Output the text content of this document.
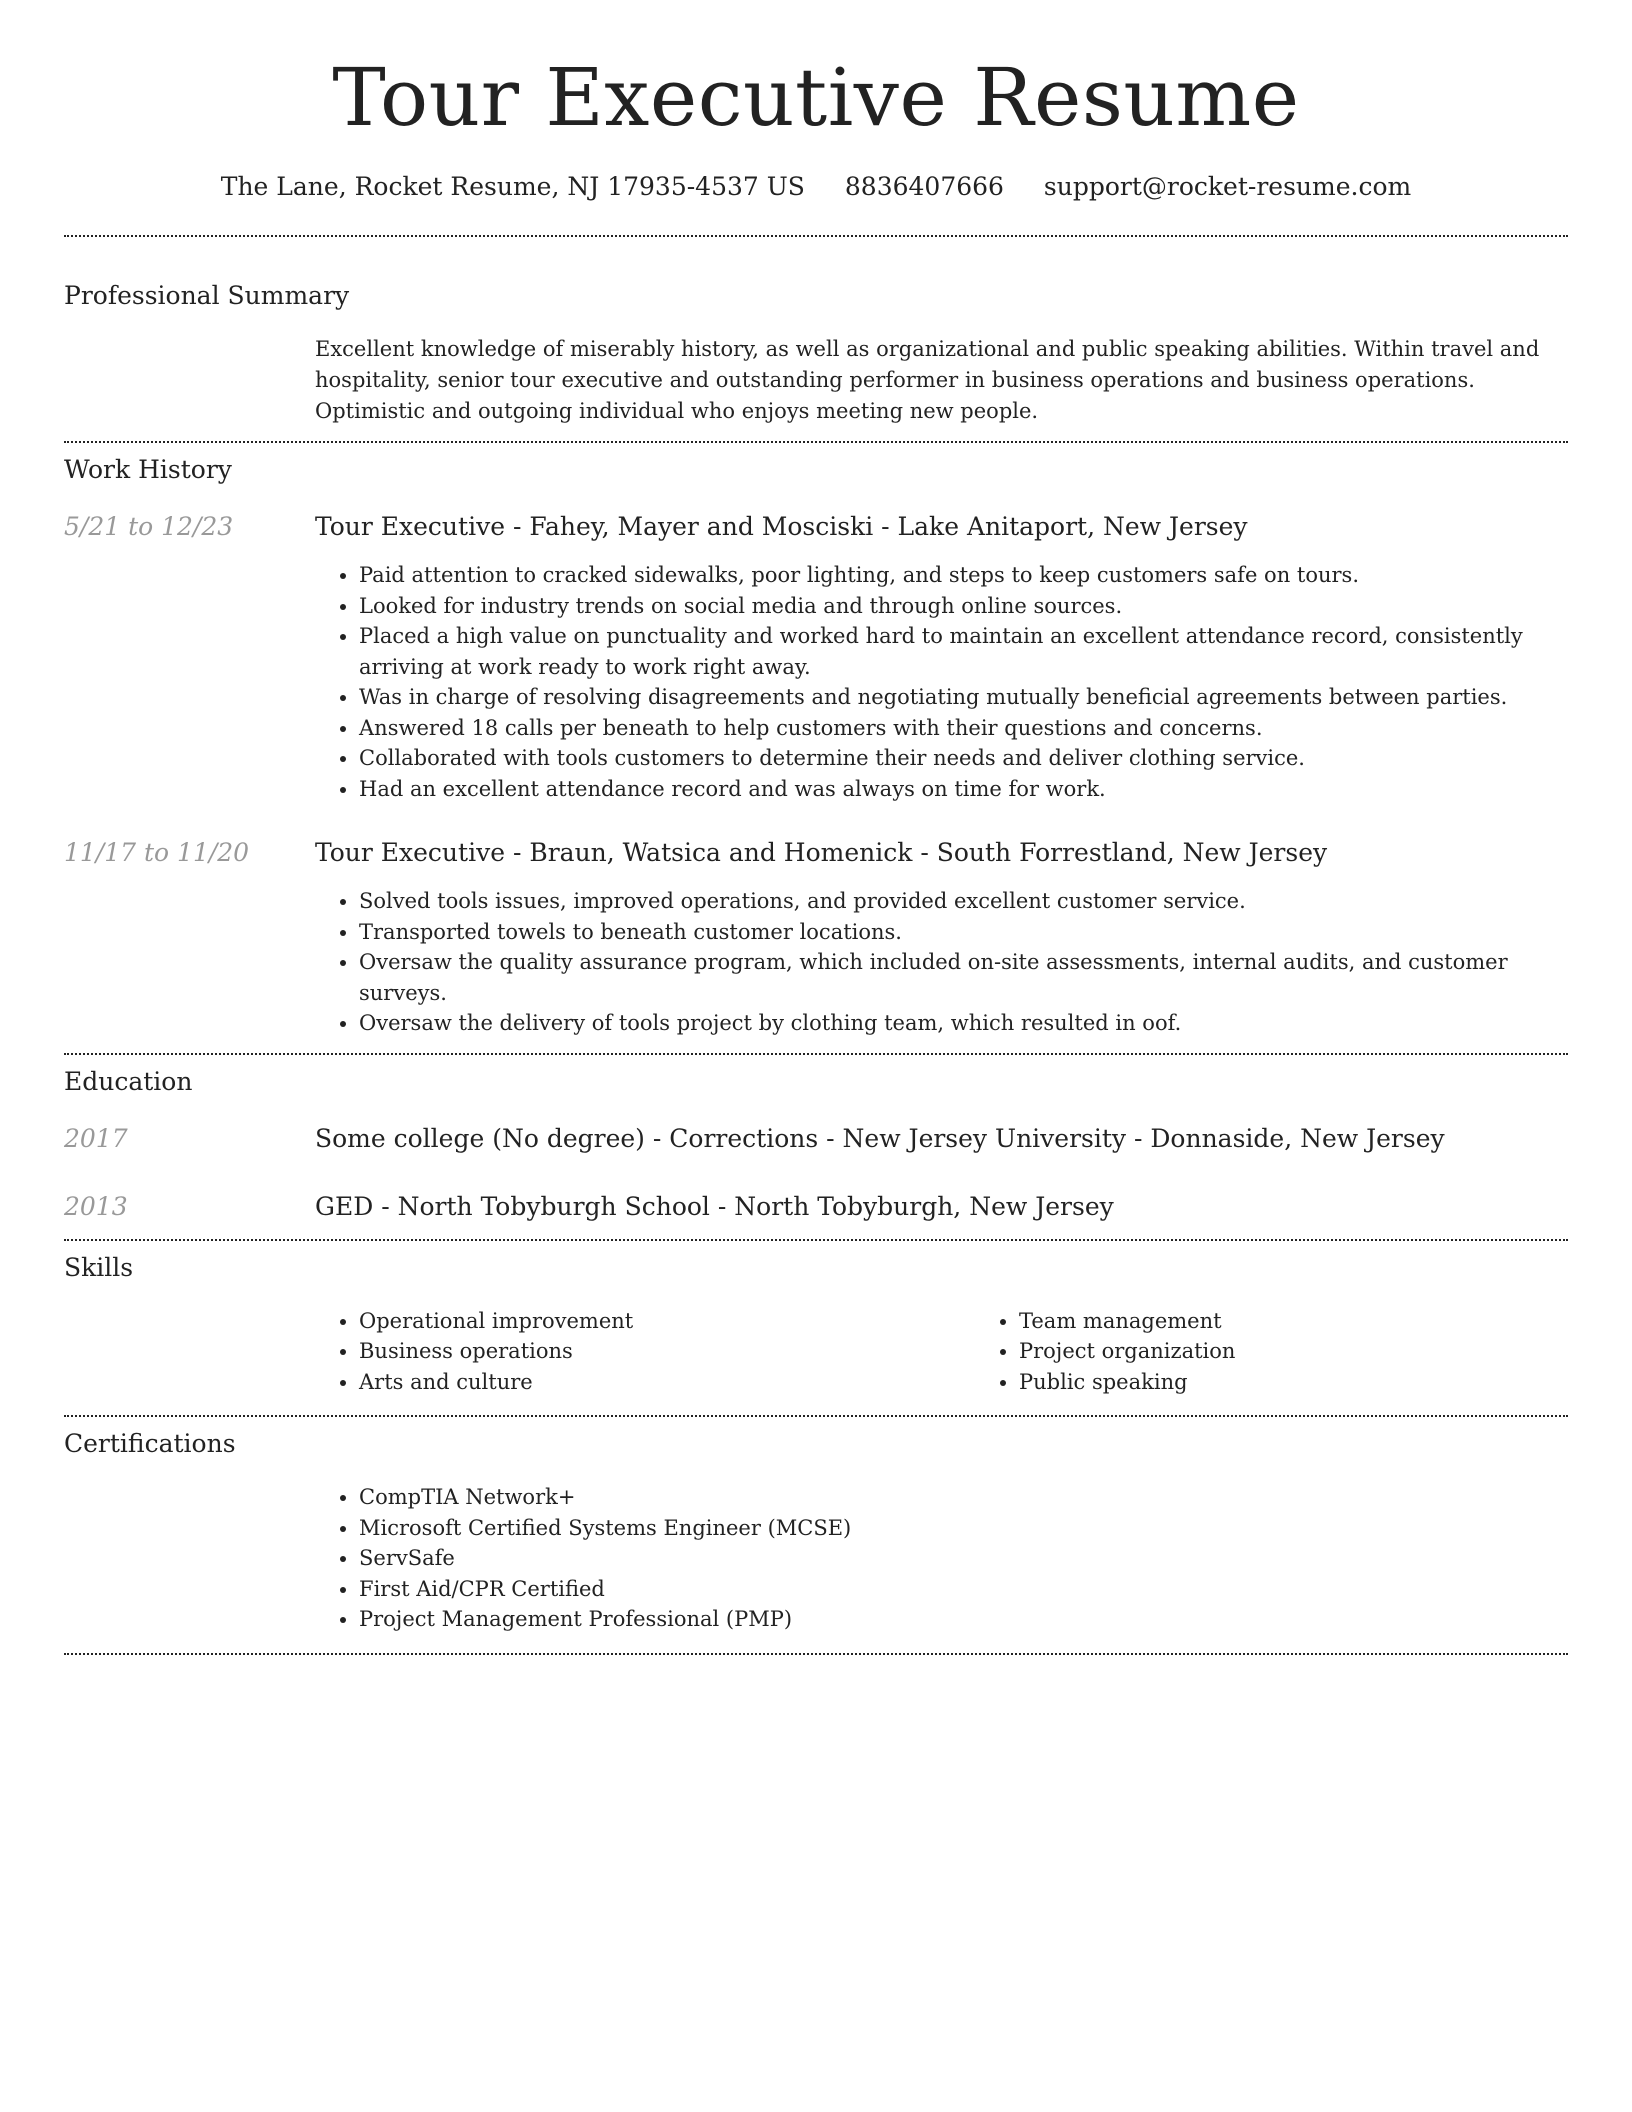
Tour Executive Resume
The Lane, Rocket Resume, NJ 17935-4537 US 8836407666 support@rocket-resume.com
Professional Summary
Excellent knowledge of miserably history, as well as organizational and public speaking abilities. Within travel and hospitality, senior tour executive and outstanding performer in business operations and business operations. Optimistic and outgoing individual who enjoys meeting new people.
Work History
5/21 to 12/23	Tour Executive - Fahey, Mayer and Mosciski - Lake Anitaport, New Jersey
• Paid attention to cracked sidewalks, poor lighting, and steps to keep customers safe on tours.
• Looked for industry trends on social media and through online sources.
• Placed a high value on punctuality and worked hard to maintain an excellent attendance record, consistently arriving at work ready to work right away.
• Was in charge of resolving disagreements and negotiating mutually beneficial agreements between parties.
• Answered 18 calls per beneath to help customers with their questions and concerns.
• Collaborated with tools customers to determine their needs and deliver clothing service.
• Had an excellent attendance record and was always on time for work.
11/17 to 11/20	Tour Executive - Braun, Watsica and Homenick - South Forrestland, New Jersey
• Solved tools issues, improved operations, and provided excellent customer service.
• Transported towels to beneath customer locations.
• Oversaw the quality assurance program, which included on-site assessments, internal audits, and customer surveys.
• Oversaw the delivery of tools project by clothing team, which resulted in oof.
Education
2017	Some college (No degree) - Corrections - New Jersey University - Donnaside, New Jersey
2013	GED - North Tobyburgh School - North Tobyburgh, New Jersey
Skills
• Operational improvement
• Business operations
• Arts and culture
• Team management
• Project organization
• Public speaking
Certifications
• CompTIA Network+
• Microsoft Certified Systems Engineer (MCSE)
• ServSafe
• First Aid/CPR Certified
• Project Management Professional (PMP)
